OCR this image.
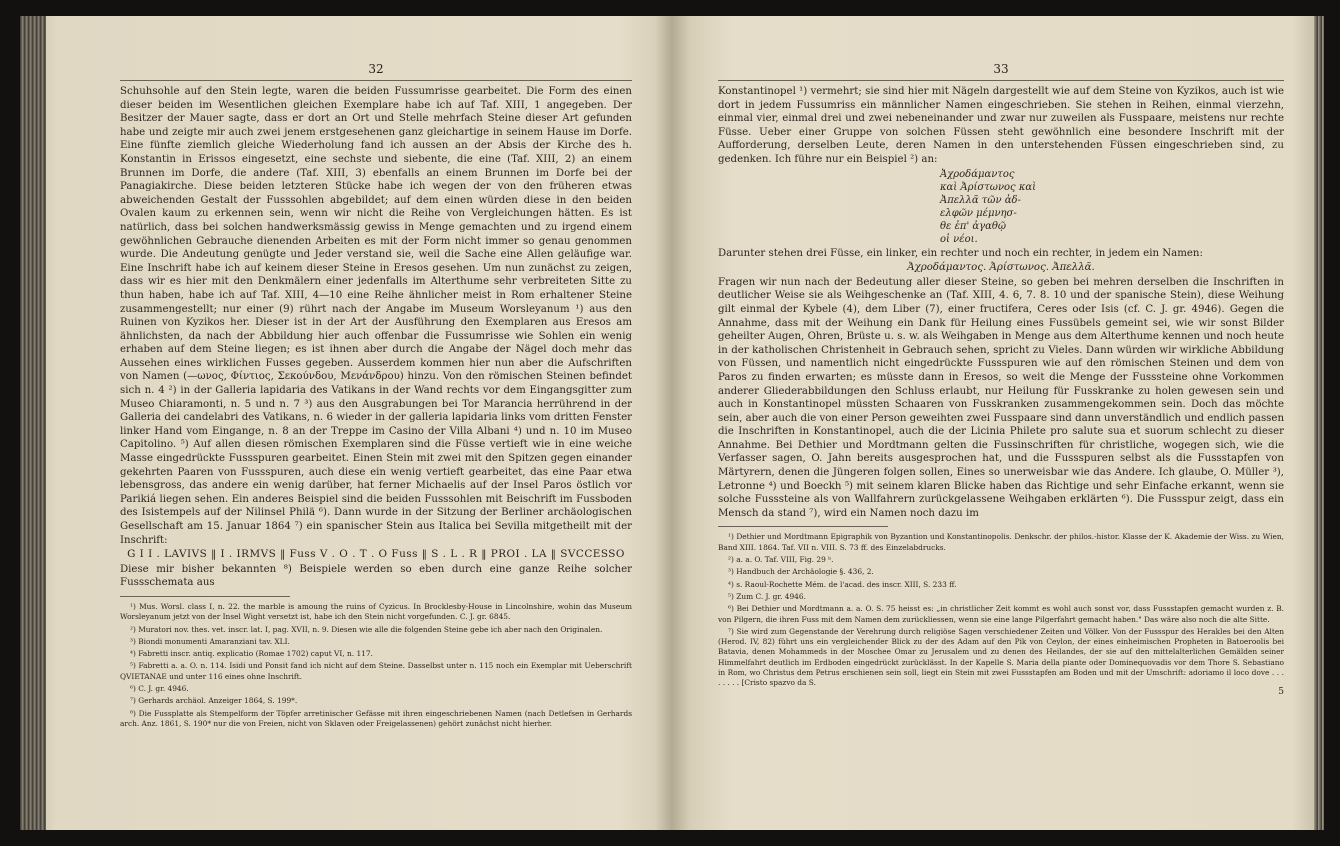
32

Schuhsohle auf den Stein legte, waren die beiden Fussumrisse gearbeitet. Die Form des einen dieser beiden im Wesentlichen gleichen Exemplare habe ich auf Taf. XIII, 1 angegeben. Der Besitzer der Mauer sagte, dass er dort an Ort und Stelle mehrfach Steine dieser Art gefunden habe und zeigte mir auch zwei jenem erstgesehenen ganz gleichartige in seinem Hause im Dorfe. Eine fünfte ziemlich gleiche Wiederholung fand ich aussen an der Absis der Kirche des h. Konstantin in Erissos eingesetzt, eine sechste und siebente, die eine (Taf. XIII, 2) an einem Brunnen im Dorfe, die andere (Taf. XIII, 3) ebenfalls an einem Brunnen im Dorfe bei der Panagiakirche. Diese beiden letzteren Stücke habe ich wegen der von den früheren etwas abweichenden Gestalt der Fusssohlen abgebildet; auf dem einen würden diese in den beiden Ovalen kaum zu erkennen sein, wenn wir nicht die Reihe von Vergleichungen hätten. Es ist natürlich, dass bei solchen handwerksmässig gewiss in Menge gemachten und zu irgend einem gewöhnlichen Gebrauche dienenden Arbeiten es mit der Form nicht immer so genau genommen wurde. Die Andeutung genügte und Jeder verstand sie, weil die Sache eine Allen geläufige war. Eine Inschrift habe ich auf keinem dieser Steine in Eresos gesehen. Um nun zunächst zu zeigen, dass wir es hier mit den Denkmälern einer jedenfalls im Alterthume sehr verbreiteten Sitte zu thun haben, habe ich auf Taf. XIII, 4—10 eine Reihe ähnlicher meist in Rom erhaltener Steine zusammengestellt; nur einer (9) rührt nach der Angabe im Museum Worsleyanum ¹) aus den Ruinen von Kyzikos her. Dieser ist in der Art der Ausführung den Exemplaren aus Eresos am ähnlichsten, da nach der Abbildung hier auch offenbar die Fussumrisse wie Sohlen ein wenig erhaben auf dem Steine liegen; es ist ihnen aber durch die Angabe der Nägel doch mehr das Aussehen eines wirklichen Fusses gegeben. Ausserdem kommen hier nun aber die Aufschriften von Namen (—ωνος, Φίντιος, Σεκούνδου, Μενάνδρου) hinzu. Von den römischen Steinen befindet sich n. 4 ²) in der Galleria lapidaria des Vatikans in der Wand rechts vor dem Eingangsgitter zum Museo Chiaramonti, n. 5 und n. 7 ³) aus den Ausgrabungen bei Tor Marancia herrührend in der Galleria dei candelabri des Vatikans, n. 6 wieder in der galleria lapidaria links vom dritten Fenster linker Hand vom Eingange, n. 8 an der Treppe im Casino der Villa Albani ⁴) und n. 10 im Museo Capitolino. ⁵) Auf allen diesen römischen Exemplaren sind die Füsse vertieft wie in eine weiche Masse eingedrückte Fussspuren gearbeitet. Einen Stein mit zwei mit den Spitzen gegen einander gekehrten Paaren von Fussspuren, auch diese ein wenig vertieft gearbeitet, das eine Paar etwa lebensgross, das andere ein wenig darüber, hat ferner Michaelis auf der Insel Paros östlich vor Parikiá liegen sehen. Ein anderes Beispiel sind die beiden Fusssohlen mit Beischrift im Fussboden des Isistempels auf der Nilinsel Philä ⁶). Dann wurde in der Sitzung der Berliner archäologischen Gesellschaft am 15. Januar 1864 ⁷) ein spanischer Stein aus Italica bei Sevilla mitgetheilt mit der Inschrift:

G I I . LAVIVS ‖ I . IRMVS ‖ Fuss V . O . T . O Fuss ‖ S . L . R ‖ PROI . LA ‖ SVCCESSO

Diese mir bisher bekannten ⁸) Beispiele werden so eben durch eine ganze Reihe solcher Fussschemata aus

¹) Mus. Worsl. class I, n. 22. the marble is amoung the ruins of Cyzicus. In Brocklesby-House in Lincolnshire, wohin das Museum Worsleyanum jetzt von der Insel Wight versetzt ist, habe ich den Stein nicht vorgefunden. C. J. gr. 6845.

²) Muratori nov. thes. vet. inscr. lat. I, pag. XVII, n. 9. Diesen wie alle die folgenden Steine gebe ich aber nach den Originalen.

³) Biondi monumenti Amaranziani tav. XLI.

⁴) Fabretti inscr. antiq. explicatio (Romae 1702) caput VI, n. 117.

⁵) Fabretti a. a. O. n. 114. Isidi und Ponsit fand ich nicht auf dem Steine. Dasselbst unter n. 115 noch ein Exemplar mit Ueberschrift QVIETANAE und unter 116 eines ohne Inschrift.

⁶) C. J. gr. 4946.

⁷) Gerhards archäol. Anzeiger 1864, S. 199*.

⁸) Die Fussplatte als Stempelform der Töpfer arretinischer Gefässe mit ihren eingeschriebenen Namen (nach Detlefsen in Gerhards arch. Anz. 1861, S. 190* nur die von Freien, nicht von Sklaven oder Freigelassenen) gehört zunächst nicht hierher.

33

Konstantinopel ¹) vermehrt; sie sind hier mit Nägeln dargestellt wie auf dem Steine von Kyzikos, auch ist wie dort in jedem Fussumriss ein männlicher Namen eingeschrieben. Sie stehen in Reihen, einmal vierzehn, einmal vier, einmal drei und zwei nebeneinander und zwar nur zuweilen als Fusspaare, meistens nur rechte Füsse. Ueber einer Gruppe von solchen Füssen steht gewöhnlich eine besondere Inschrift mit der Aufforderung, derselben Leute, deren Namen in den unterstehenden Füssen eingeschrieben sind, zu gedenken. Ich führe nur ein Beispiel ²) an:

Ἀχροδάμαντος
καὶ Ἀρίστωνος καὶ
Ἀπελλᾶ τῶν ἀδ-
ελφῶν μέμνησ-
θε ἐπ' ἀγαθῷ
οἱ νέοι.

Darunter stehen drei Füsse, ein linker, ein rechter und noch ein rechter, in jedem ein Namen:

Ἀχροδάμαντος. Ἀρίστωνος. Ἀπελλᾶ.

Fragen wir nun nach der Bedeutung aller dieser Steine, so geben bei mehren derselben die Inschriften in deutlicher Weise sie als Weihgeschenke an (Taf. XIII, 4. 6, 7. 8. 10 und der spanische Stein), diese Weihung gilt einmal der Kybele (4), dem Liber (7), einer fructifera, Ceres oder Isis (cf. C. J. gr. 4946). Gegen die Annahme, dass mit der Weihung ein Dank für Heilung eines Fussübels gemeint sei, wie wir sonst Bilder geheilter Augen, Ohren, Brüste u. s. w. als Weihgaben in Menge aus dem Alterthume kennen und noch heute in der katholischen Christenheit in Gebrauch sehen, spricht zu Vieles. Dann würden wir wirkliche Abbildung von Füssen, und namentlich nicht eingedrückte Fussspuren wie auf den römischen Steinen und dem von Paros zu finden erwarten; es müsste dann in Eresos, so weit die Menge der Fusssteine ohne Vorkommen anderer Gliederabbildungen den Schluss erlaubt, nur Heilung für Fusskranke zu holen gewesen sein und auch in Konstantinopel müssten Schaaren von Fusskranken zusammengekommen sein. Doch das möchte sein, aber auch die von einer Person geweihten zwei Fusspaare sind dann unverständlich und endlich passen die Inschriften in Konstantinopel, auch die der Licinia Philete pro salute sua et suorum schlecht zu dieser Annahme. Bei Dethier und Mordtmann gelten die Fussinschriften für christliche, wogegen sich, wie die Verfasser sagen, O. Jahn bereits ausgesprochen hat, und die Fussspuren selbst als die Fussstapfen von Märtyrern, denen die Jüngeren folgen sollen, Eines so unerweisbar wie das Andere. Ich glaube, O. Müller ³), Letronne ⁴) und Boeckh ⁵) mit seinem klaren Blicke haben das Richtige und sehr Einfache erkannt, wenn sie solche Fusssteine als von Wallfahrern zurückgelassene Weihgaben erklärten ⁶). Die Fussspur zeigt, dass ein Mensch da stand ⁷), wird ein Namen noch dazu im

¹) Dethier und Mordtmann Epigraphik von Byzantion und Konstantinopolis. Denkschr. der philos.-histor. Klasse der K. Akademie der Wiss. zu Wien, Band XIII. 1864. Taf. VII n. VIII. S. 73 ff. des Einzelabdrucks.

²) a. a. O. Taf. VIII, Fig. 29 ᵇ.

³) Handbuch der Archäologie §. 436, 2.

⁴) s. Raoul-Rochette Mém. de l'acad. des inscr. XIII, S. 233 ff.

⁵) Zum C. J. gr. 4946.

⁶) Bei Dethier und Mordtmann a. a. O. S. 75 heisst es: „in christlicher Zeit kommt es wohl auch sonst vor, dass Fussstapfen gemacht wurden z. B. von Pilgern, die ihren Fuss mit dem Namen dem zurückliessen, wenn sie eine lange Pilgerfahrt gemacht haben." Das wäre also noch die alte Sitte.

⁷) Sie wird zum Gegenstande der Verehrung durch religiöse Sagen verschiedener Zeiten und Völker. Von der Fussspur des Herakles bei den Alten (Herod. IV, 82) führt uns ein vergleichender Blick zu der des Adam auf den Pik von Ceylon, der eines einheimischen Propheten in Batoeroolis bei Batavia, denen Mohammeds in der Moschee Omar zu Jerusalem und zu denen des Heilandes, der sie auf den mittelalterlichen Gemälden seiner Himmelfahrt deutlich im Erdboden eingedrückt zurücklässt. In der Kapelle S. Maria della piante oder Dominequovadis vor dem Thore S. Sebastiano in Rom, wo Christus dem Petrus erschienen sein soll, liegt ein Stein mit zwei Fussstapfen am Boden und mit der Umschrift: adoriamo il loco dove . . . . . . . . [Cristo spazvo da S.

5
